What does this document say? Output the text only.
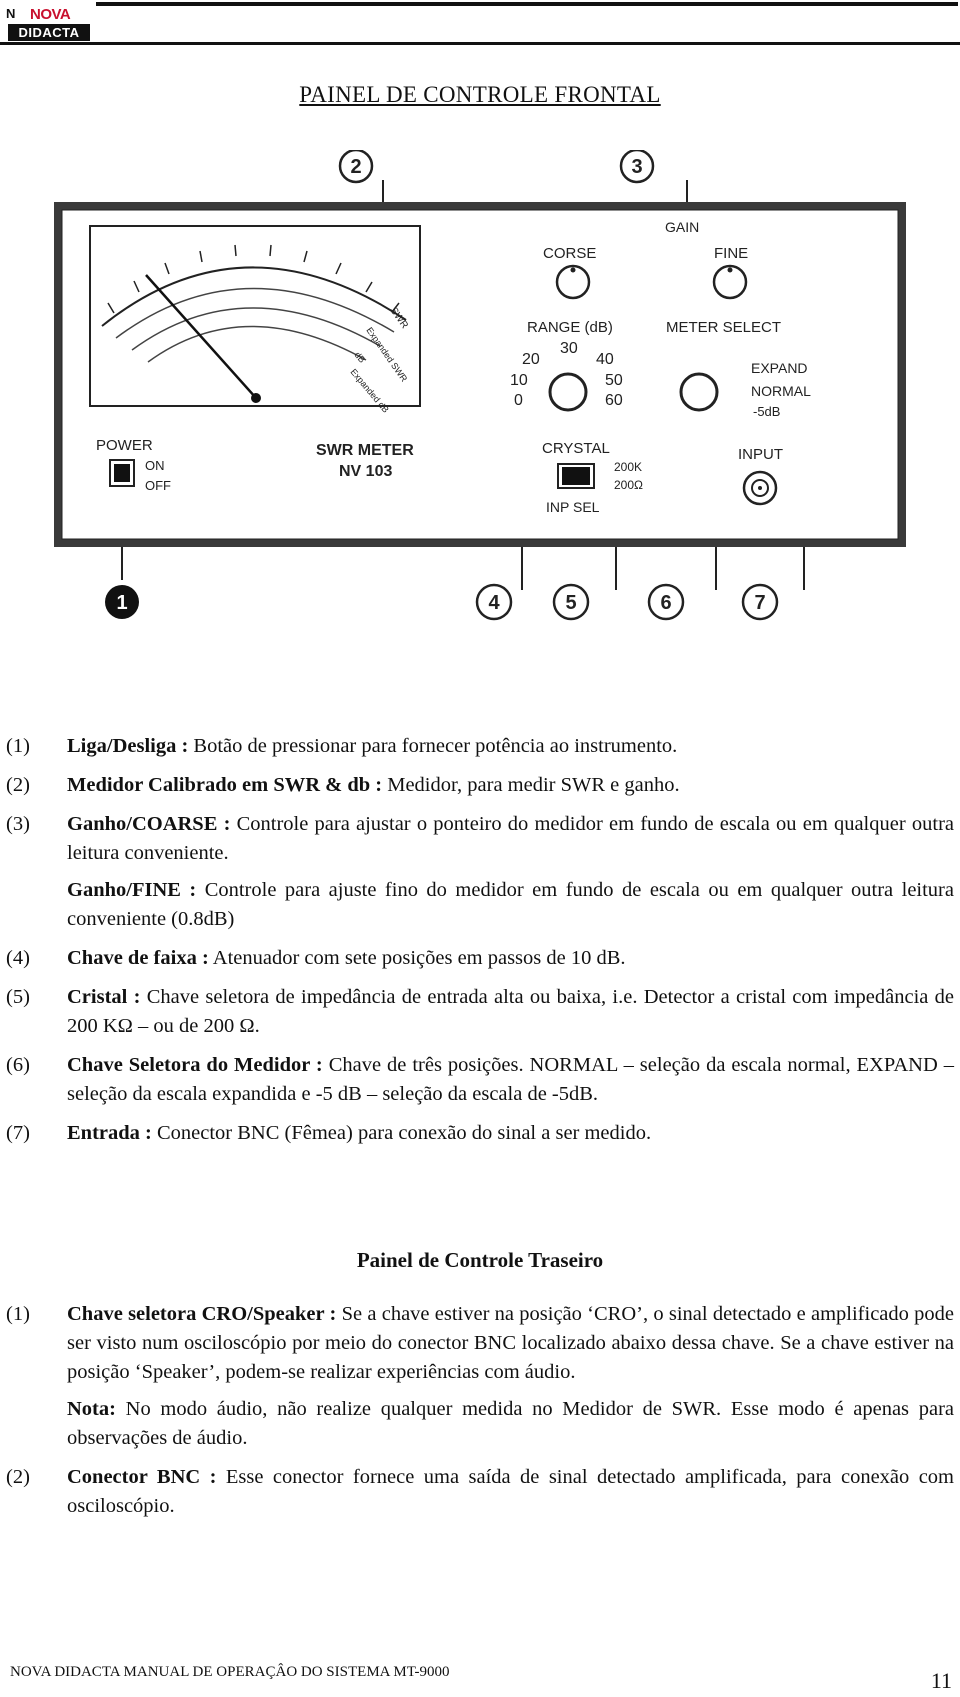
N NOVA
DIDACTA
PAINEL DE CONTROLE FRONTAL
SWR
Expanded SWR
dB
Expanded dB
GAIN
CORSE	FINE
RANGE (dB)	METER SELECT
0
10
20
30
40
50
60
EXPAND
NORMAL
-5dB
POWER
ON
OFF
SWR METER
NV 103
CRYSTAL
200K
200Ω
INP SEL
INPUT
2	3
1	4	5	6	7
(1) Liga/Desliga : Botão de pressionar para fornecer potência ao instrumento.

(2) Medidor Calibrado em SWR & db : Medidor, para medir SWR e ganho.

(3) Ganho/COARSE : Controle para ajustar o ponteiro do medidor em fundo de escala ou em qualquer outra leitura conveniente.

Ganho/FINE : Controle para ajuste fino do medidor em fundo de escala ou em qualquer outra leitura conveniente (0.8dB)

(4) Chave de faixa : Atenuador com sete posições em passos de 10 dB.

(5) Cristal : Chave seletora de impedância de entrada alta ou baixa, i.e. Detector a cristal com impedância de 200 KΩ – ou de 200 Ω.

(6) Chave Seletora do Medidor : Chave de três posições. NORMAL – seleção da escala normal, EXPAND – seleção da escala expandida e -5 dB – seleção da escala de -5dB.

(7) Entrada : Conector BNC (Fêmea) para conexão do sinal a ser medido.

Painel de Controle Traseiro
(1) Chave seletora CRO/Speaker : Se a chave estiver na posição ‘CRO’, o sinal detectado e amplificado pode ser visto num osciloscópio por meio do conector BNC localizado abaixo dessa chave. Se a chave estiver na posição ‘Speaker’, podem-se realizar experiências com áudio.

Nota: No modo áudio, não realize qualquer medida no Medidor de SWR. Esse modo é apenas para observações de áudio.

(2) Conector BNC : Esse conector fornece uma saída de sinal detectado amplificada, para conexão com osciloscópio.

NOVA DIDACTA MANUAL DE OPERAÇÂO DO SISTEMA MT-9000	11
